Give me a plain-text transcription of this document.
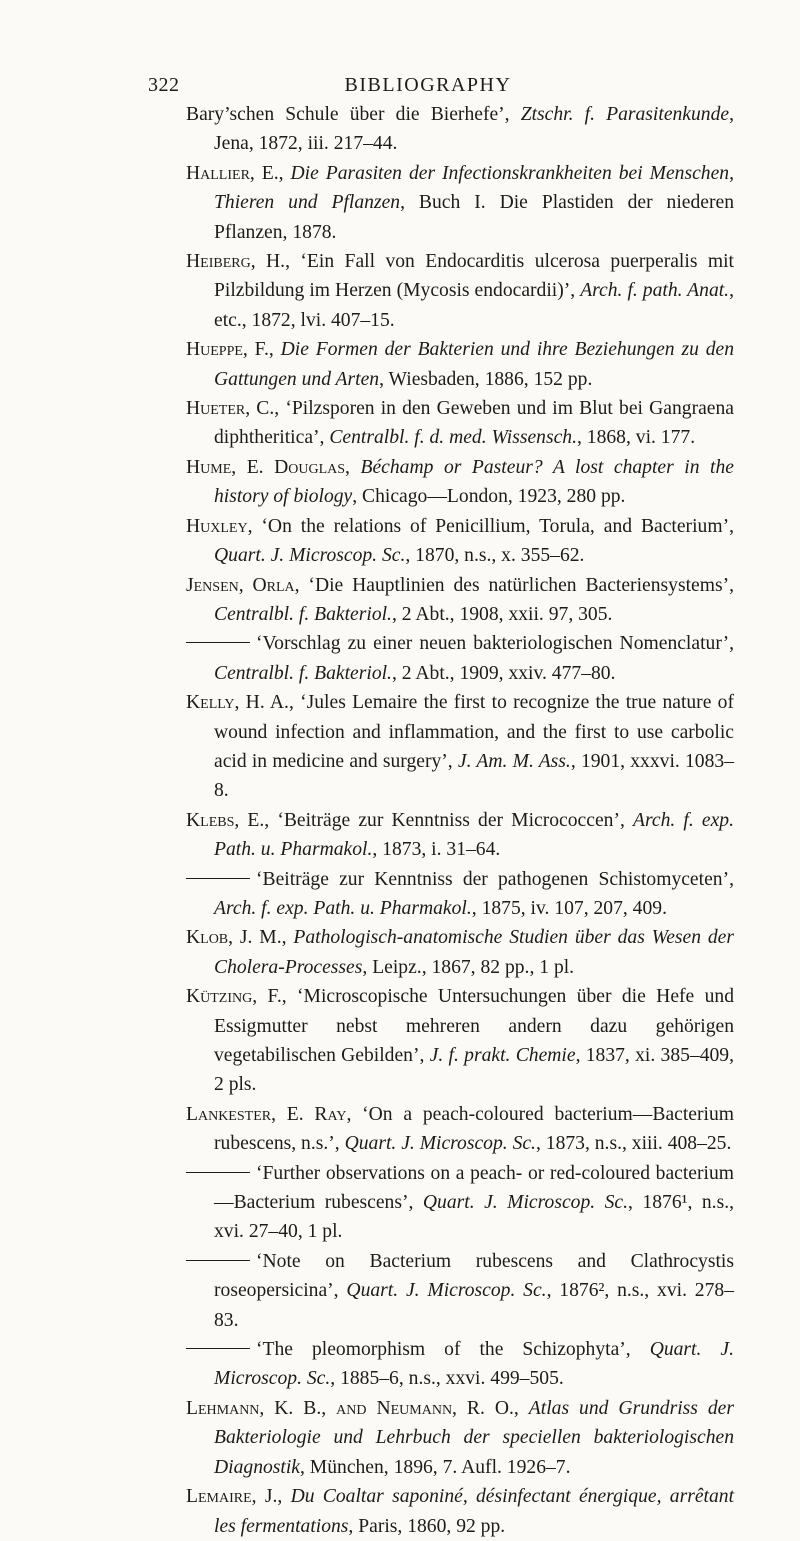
322	BIBLIOGRAPHY

Bary’schen Schule über die Bierhefe’, Ztschr. f. Parasitenkunde, Jena, 1872, iii. 217–44.

Hallier, E., Die Parasiten der Infectionskrankheiten bei Menschen, Thieren und Pflanzen, Buch I. Die Plastiden der niederen Pflanzen, 1878.

Heiberg, H., ‘Ein Fall von Endocarditis ulcerosa puerperalis mit Pilzbildung im Herzen (Mycosis endocardii)’, Arch. f. path. Anat., etc., 1872, lvi. 407–15.

Hueppe, F., Die Formen der Bakterien und ihre Beziehungen zu den Gattungen und Arten, Wiesbaden, 1886, 152 pp.

Hueter, C., ‘Pilzsporen in den Geweben und im Blut bei Gangraena diphtheritica’, Centralbl. f. d. med. Wissensch., 1868, vi. 177.

Hume, E. Douglas, Béchamp or Pasteur? A lost chapter in the history of biology, Chicago—London, 1923, 280 pp.

Huxley, ‘On the relations of Penicillium, Torula, and Bacterium’, Quart. J. Microscop. Sc., 1870, n.s., x. 355–62.

Jensen, Orla, ‘Die Hauptlinien des natürlichen Bacteriensystems’, Centralbl. f. Bakteriol., 2 Abt., 1908, xxii. 97, 305.

‘Vorschlag zu einer neuen bakteriologischen Nomenclatur’, Centralbl. f. Bakteriol., 2 Abt., 1909, xxiv. 477–80.

Kelly, H. A., ‘Jules Lemaire the first to recognize the true nature of wound infection and inflammation, and the first to use carbolic acid in medicine and surgery’, J. Am. M. Ass., 1901, xxxvi. 1083–8.

Klebs, E., ‘Beiträge zur Kenntniss der Micrococcen’, Arch. f. exp. Path. u. Pharmakol., 1873, i. 31–64.

‘Beiträge zur Kenntniss der pathogenen Schistomyceten’, Arch. f. exp. Path. u. Pharmakol., 1875, iv. 107, 207, 409.

Klob, J. M., Pathologisch-anatomische Studien über das Wesen der Cholera-Processes, Leipz., 1867, 82 pp., 1 pl.

Kützing, F., ‘Microscopische Untersuchungen über die Hefe und Essigmutter nebst mehreren andern dazu gehörigen vegetabilischen Gebilden’, J. f. prakt. Chemie, 1837, xi. 385–409, 2 pls.

Lankester, E. Ray, ‘On a peach-coloured bacterium—Bacterium rubescens, n.s.’, Quart. J. Microscop. Sc., 1873, n.s., xiii. 408–25.

‘Further observations on a peach- or red-coloured bacterium—Bacterium rubescens’, Quart. J. Microscop. Sc., 1876¹, n.s., xvi. 27–40, 1 pl.

‘Note on Bacterium rubescens and Clathrocystis roseopersicina’, Quart. J. Microscop. Sc., 1876², n.s., xvi. 278–83.

‘The pleomorphism of the Schizophyta’, Quart. J. Microscop. Sc., 1885–6, n.s., xxvi. 499–505.

Lehmann, K. B., and Neumann, R. O., Atlas und Grundriss der Bakteriologie und Lehrbuch der speciellen bakteriologischen Diagnostik, München, 1896, 7. Aufl. 1926–7.

Lemaire, J., Du Coaltar saponiné, désinfectant énergique, arrêtant les fermentations, Paris, 1860, 92 pp.
